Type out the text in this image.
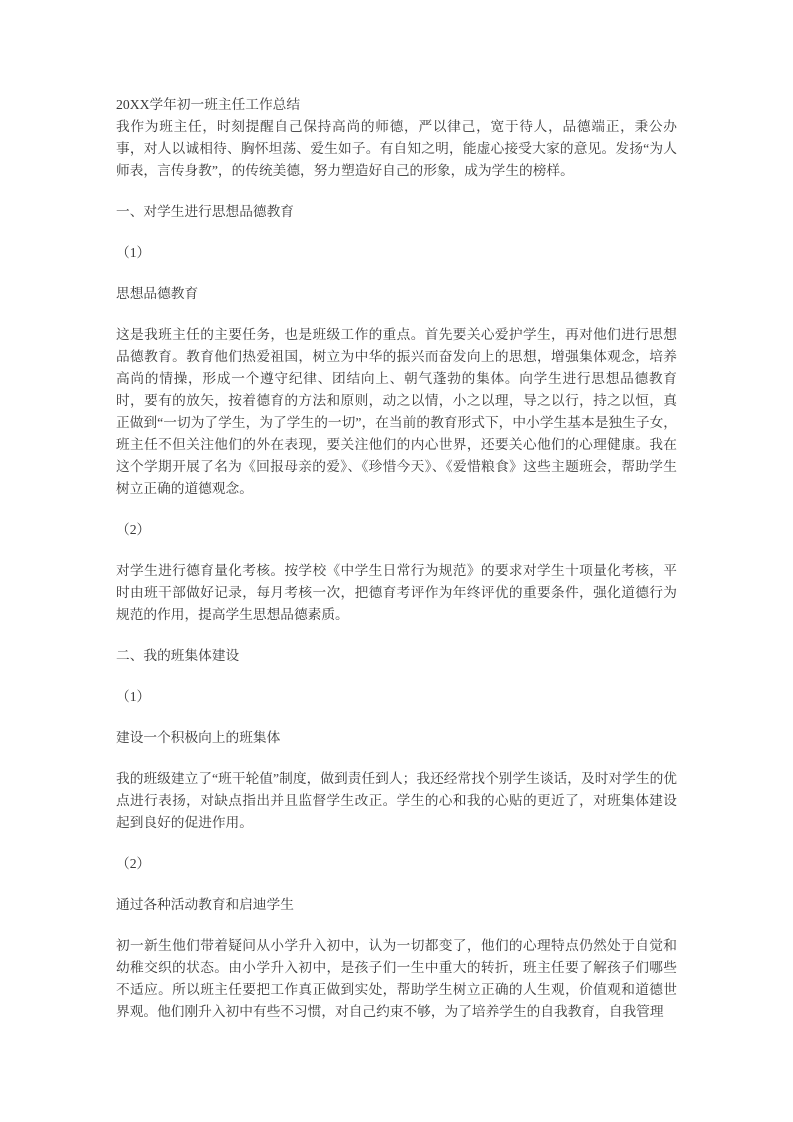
20XX学年初一班主任工作总结

我作为班主任，时刻提醒自己保持高尚的师德，严以律己，宽于待人，品德端正，秉公办事，对人以诚相待、胸怀坦荡、爱生如子。有自知之明，能虚心接受大家的意见。发扬“为人师表，言传身教”，的传统美德，努力塑造好自己的形象，成为学生的榜样。

一、对学生进行思想品德教育

（1）

思想品德教育

这是我班主任的主要任务，也是班级工作的重点。首先要关心爱护学生，再对他们进行思想品德教育。教育他们热爱祖国，树立为中华的振兴而奋发向上的思想，增强集体观念，培养高尚的情操，形成一个遵守纪律、团结向上、朝气蓬勃的集体。向学生进行思想品德教育时，要有的放矢，按着德育的方法和原则，动之以情，小之以理，导之以行，持之以恒，真正做到“一切为了学生，为了学生的一切”，在当前的教育形式下，中小学生基本是独生子女，班主任不但关注他们的外在表现，要关注他们的内心世界，还要关心他们的心理健康。我在这个学期开展了名为《回报母亲的爱》、《珍惜今天》、《爱惜粮食》这些主题班会，帮助学生树立正确的道德观念。

（2）

对学生进行德育量化考核。按学校《中学生日常行为规范》的要求对学生十项量化考核，平时由班干部做好记录，每月考核一次，把德育考评作为年终评优的重要条件，强化道德行为规范的作用，提高学生思想品德素质。

二、我的班集体建设

（1）

建设一个积极向上的班集体

我的班级建立了“班干轮值”制度，做到责任到人；我还经常找个别学生谈话，及时对学生的优点进行表扬，对缺点指出并且监督学生改正。学生的心和我的心贴的更近了，对班集体建设起到良好的促进作用。

（2）

通过各种活动教育和启迪学生

初一新生他们带着疑问从小学升入初中，认为一切都变了，他们的心理特点仍然处于自觉和幼稚交织的状态。由小学升入初中，是孩子们一生中重大的转折，班主任要了解孩子们哪些不适应。所以班主任要把工作真正做到实处，帮助学生树立正确的人生观，价值观和道德世界观。他们刚升入初中有些不习惯，对自己约束不够，为了培养学生的自我教育，自我管理
